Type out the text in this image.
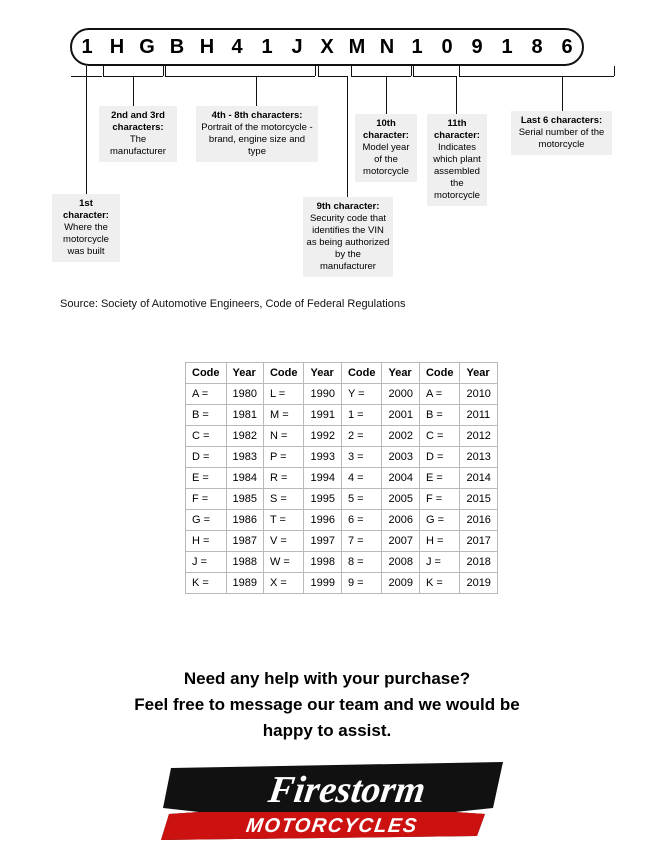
1 H G B H 4 1 J X M N 1 0 9 1 8 6
1st character:
Where the motorcycle was built
2nd and 3rd characters:
The manufacturer
4th - 8th characters:
Portrait of the motorcycle - brand, engine size and type
9th character:
Security code that identifies the VIN as being authorized by the manufacturer
10th character:
Model year of the motorcycle
11th character:
Indicates which plant assembled the motorcycle
Last 6 characters:
Serial number of the motorcycle
Source: Society of Automotive Engineers, Code of Federal Regulations
Code	Year	Code	Year	Code	Year	Code	Year
A =	1980	L =	1990	Y =	2000	A =	2010
B =	1981	M =	1991	1 =	2001	B =	2011
C =	1982	N =	1992	2 =	2002	C =	2012
D =	1983	P =	1993	3 =	2003	D =	2013
E =	1984	R =	1994	4 =	2004	E =	2014
F =	1985	S =	1995	5 =	2005	F =	2015
G =	1986	T =	1996	6 =	2006	G =	2016
H =	1987	V =	1997	7 =	2007	H =	2017
J =	1988	W =	1998	8 =	2008	J =	2018
K =	1989	X =	1999	9 =	2009	K =	2019
Need any help with your purchase?
Feel free to message our team and we would be
happy to assist.
Firestorm
MOTORCYCLES
